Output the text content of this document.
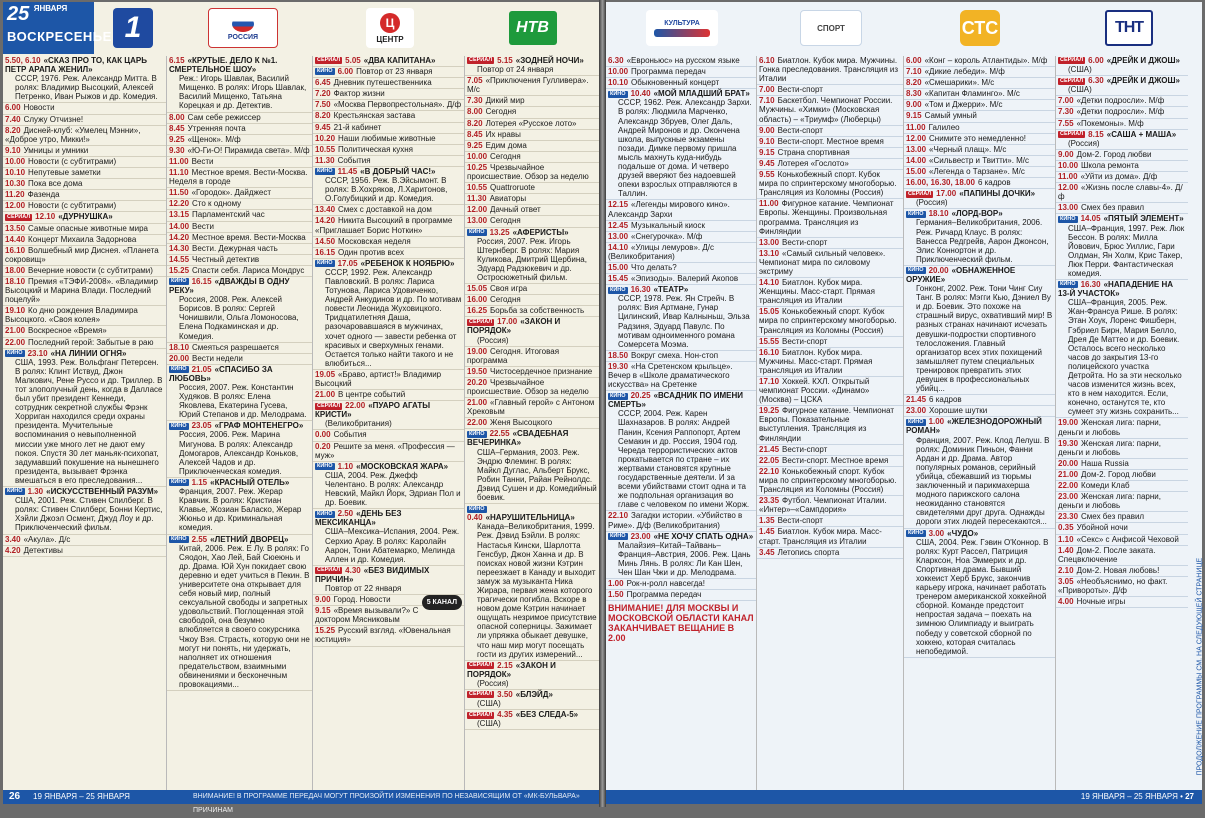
25 $^{ЯНВАРЯ}$
ВОСКРЕСЕНЬЕ 1	РОССИЯ
Ц
ЦЕНТР
НТВ
5.50, 6.10 «СКАЗ ПРО ТО, КАК ЦАРЬ ПЕТР АРАПА ЖЕНИЛ»
СССР, 1976. Реж. Александр Митта. В ролях: Владимир Высоцкий, Алексей Петренко, Иван Рыжов и др. Комедия.
6.00 Новости
7.40 Служу Отчизне!
8.20 Дисней-клуб: «Умелец Мэнни», «Доброе утро, Микки!»
9.10 Умницы и умники
10.00 Новости (с субтитрами)
10.10 Непутевые заметки
10.30 Пока все дома
11.20 Фазенда
12.00 Новости (с субтитрами)
СЕРИАЛ 12.10 «ДУРНУШКА»
13.50 Самые опасные животные мира
14.40 Концерт Михаила Задорнова
16.10 Волшебный мир Диснея. «Планета сокровищ»
18.00 Вечерние новости (с субтитрами)
18.10 Премия «ТЭФИ-2008». «Владимир Высоцкий и Марина Влади. Последний поцелуй»
19.10 Ко дню рождения Владимира Высоцкого. «Своя колея»
21.00 Воскресное «Время»
22.00 Последний герой: Забытые в раю
КИНО 23.10 «НА ЛИНИИ ОГНЯ»
США, 1993. Реж. Вольфганг Петерсен. В ролях: Клинт Иствуд, Джон Малкович, Рене Руссо и др. Триллер. В тот злополучный день, когда в Далласе был убит президент Кеннеди, сотрудник секретной службы Фрэнк Хорриган находился среди охраны президента. Мучительные воспоминания о невыполненной миссии уже много лет не дают ему покоя. Спустя 30 лет маньяк-психопат, задумавший покушение на нынешнего президента, вызывает Фрэнка вмешаться в его преследования...
КИНО 1.30 «ИСКУССТВЕННЫЙ РАЗУМ»
США, 2001. Реж. Стивен Спилберг. В ролях: Стивен Спилберг, Бонни Кертис, Хэйли Джоэл Осмент, Джуд Лоу и др. Приключенческий фильм.
3.40 «Акула». Д/с
4.20 Детективы
6.15 «КРУТЫЕ. ДЕЛО К №1. СМЕРТЕЛЬНОЕ ШОУ»
Реж.: Игорь Шавлак, Василий Мищенко. В ролях: Игорь Шавлак, Василий Мищенко, Татьяна Корецкая и др. Детектив.
8.00 Сам себе режиссер
8.45 Утренняя почта
9.25 «Щенок». М/ф
9.30 «Ю-Ги-О! Пирамида света». М/ф
11.00 Вести
11.10 Местное время. Вести-Москва. Неделя в городе
11.50 «Городок». Дайджест
12.20 Сто к одному
13.15 Парламентский час
14.00 Вести
14.20 Местное время. Вести-Москва
14.30 Вести. Дежурная часть
14.55 Честный детектив
15.25 Спасти себя. Лариса Мондрус
КИНО 16.15 «ДВАЖДЫ В ОДНУ РЕКУ»
Россия, 2008. Реж. Алексей Борисов. В ролях: Сергей Чонишвили, Ольга Ломоносова, Елена Подкаминская и др. Комедия.
18.10 Смеяться разрешается
20.00 Вести недели
КИНО 21.05 «СПАСИБО ЗА ЛЮБОВЬ»
Россия, 2007. Реж. Константин Худяков. В ролях: Елена Яковлева, Екатерина Гусева, Юрий Степанов и др. Мелодрама.
КИНО 23.05 «ГРАФ МОНТЕНЕГРО»
Россия, 2006. Реж. Марина Мигунова. В ролях: Александр Домогаров, Александр Коньков, Алексей Чадов и др. Приключенческая комедия.
КИНО 1.15 «КРАСНЫЙ ОТЕЛЬ»
Франция, 2007. Реж. Жерар Кравчик. В ролях: Кристиан Клавье, Жозиан Баласко, Жерар Жюньо и др. Криминальная комедия.
КИНО 2.55 «ЛЕТНИЙ ДВОРЕЦ»
Китай, 2006. Реж. Е Лу. В ролях: Го Сяодон, Хао Лей, Бай Сюеюнь и др. Драма. Юй Хун покидает свою деревню и едет учиться в Пекин. В университете она открывает для себя новый мир, полный сексуальной свободы и запретных удовольствий. Поглощенная этой свободой, она безумно влюбляется в своего сокурсника Чжоу Вэя. Страсть, которую они не могут ни понять, ни удержать, наполняет их отношения предательством, взаимными обвинениями и бесконечным провокациями...
СЕРИАЛ 5.05 «ДВА КАПИТАНА»
КИНО 6.00 Повтор от 23 января
6.45 Дневник путешественника
7.20 Фактор жизни
7.50 «Москва Первопрестольная». Д/ф
8.20 Крестьянская застава
9.45 21-й кабинет
10.20 Наши любимые животные
10.55 Политическая кухня
11.30 События
КИНО 11.45 «В ДОБРЫЙ ЧАС!»
СССР, 1956. Реж. В.Эйсымонт. В ролях: В.Хохряков, Л.Харитонов, О.Голубицкий и др. Комедия.
13.40 Смех с доставкой на дом
14.20 Никита Высоцкий в программе «Приглашает Борис Ноткин»
14.50 Московская неделя
16.15 Один против всех
КИНО 17.05 «РЕБЕНОК К НОЯБРЮ»
СССР, 1992. Реж. Александр Павловский. В ролях: Лариса Тотунова, Лариса Удовиченко, Андрей Анкудинов и др. По мотивам повести Леонида Жуховицкого. Тридцатилетняя Даша, разочаровавшаяся в мужчинах, хочет одного — завести ребенка от красивых и сверхумных генами. Остается только найти такого и не влюбиться...
19.05 «Браво, артист!» Владимир Высоцкий
21.00 В центре событий
СЕРИАЛ 22.00 «ПУАРО АГАТЫ КРИСТИ»
(Великобритания)
0.00 События
0.20 Решите за меня. «Профессия — муж»
КИНО 1.10 «МОСКОВСКАЯ ЖАРА»
США, 2004. Реж. Джефф Челентано. В ролях: Александр Невский, Майкл Йорк, Эдриан Пол и др. Боевик.
КИНО 2.50 «ДЕНЬ БЕЗ МЕКСИКАНЦА»
США–Мексика–Испания, 2004. Реж. Серхио Арау. В ролях: Каролайн Аарон, Тони Абатемарко, Мелинда Аллен и др. Комедия.
СЕРИАЛ 4.30 «БЕЗ ВИДИМЫХ ПРИЧИН»
Повтор от 22 января
5 КАНАЛ
9.00 Город. Новости
9.15 «Время вызывали?» С доктором Мясниковым
15.25 Русский взгляд. «Ювенальная юстиция»
СЕРИАЛ 5.15 «ЗОДНЕЙ НОЧИ»
Повтор от 24 января
7.05 «Приключения Гулливера». М/с
7.30 Дикий мир
8.00 Сегодня
8.20 Лотерея «Русское лото»
8.45 Их нравы
9.25 Едим дома
10.00 Сегодня
10.25 Чрезвычайное происшествие. Обзор за неделю
10.55 Quattroruote
11.30 Авиаторы
12.00 Дачный ответ
13.00 Сегодня
КИНО 13.25 «АФЕРИСТЫ»
Россия, 2007. Реж. Игорь Штернберг. В ролях: Мария Куликова, Дмитрий Щербина, Эдуард Радзюкевич и др. Остросюжетный фильм.
15.05 Своя игра
16.00 Сегодня
16.25 Борьба за собственность
СЕРИАЛ 17.00 «ЗАКОН И ПОРЯДОК»
(Россия)
19.00 Сегодня. Итоговая программа
19.50 Чистосердечное признание
20.20 Чрезвычайное происшествие. Обзор за неделю
21.00 «Главный герой» с Антоном Хрековым
22.00 Женя Высоцкого
КИНО 22.55 «СВАДЕБНАЯ ВЕЧЕРИНКА»
США–Германия, 2003. Реж. Эндрю Флеминг. В ролях: Майкл Дуглас, Альберт Брукс, Робин Танни, Райан Рейнолдс. Дэвид Сушен и др. Комедийный боевик.
КИНО0.40 «НАРУШИТЕЛЬНИЦА»
Канада–Великобритания, 1999. Реж. Дэвид Бэйли. В ролях: Настасья Кински, Шарлотта Генсбур, Джон Ханна и др. В поисках новой жизни Кэтрин переезжает в Канаду и выходит замуж за музыканта Ника Жирара, первая жена которого трагически погибла. Вскоре в новом доме Кэтрин начинает ощущать незримое присутствие опасной соперницы. Зажимает ли упряжка обыкает девушке, что наш мир могут посещать гости из других измерений...
СЕРИАЛ 2.15 «ЗАКОН И ПОРЯДОК»
(Россия)
СЕРИАЛ 3.50 «БЛЭЙД»
(США)
СЕРИАЛ 4.35 «БЕЗ СЛЕДА-5»
(США)
26 19 ЯНВАРЯ – 25 ЯНВАРЯ	ВНИМАНИЕ! В ПРОГРАММЕ ПЕРЕДАЧ МОГУТ ПРОИЗОЙТИ ИЗМЕНЕНИЯ ПО НЕЗАВИСЯЩИМ ОТ «МК-БУЛЬВАРА» ПРИЧИНАМ
КУЛЬТУРА
СПОРТ	СТС	ТНТ
6.30 «Евроньюс» на русском языке
10.00 Программа передач
10.10 Обыкновенный концерт
КИНО 10.40 «МОЙ МЛАДШИЙ БРАТ»
СССР, 1962. Реж. Александр Зархи. В ролях: Людмила Марченко, Александр Збруев, Олег Даль, Андрей Миронов и др. Окончена школа, выпускные экзамены позади. Димке первому пришла мысль махнуть куда-нибудь подальше от дома. И четверо друзей вверяют без надоевшей опеки взрослых отправляются в Таллин.
12.15 «Легенды мирового кино». Александр Зархи
12.45 Музыкальный киоск
13.00 «Снегурочка». М/ф
14.10 «Улицы лемуров». Д/с (Великобритания)
15.00 Что делать?
15.45 «Эпизоды». Валерий Акопов
КИНО 16.30 «ТЕАТР»
СССР, 1978. Реж. Ян Стрейч. В ролях: Вия Артмане, Гунар Цилинский, Ивар Калныньш, Эльза Радзиня, Эдуард Павулс. По мотивам одноименного романа Сомерсета Моэма.
18.50 Вокруг смеха. Нон-стоп
19.30 «На Сретенском крыльце». Вечер в «Школе драматического искусства» на Сретенке
КИНО 20.25 «ВСАДНИК ПО ИМЕНИ СМЕРТЬ»
СССР, 2004. Реж. Карен Шахназаров. В ролях: Андрей Панин, Ксения Раппопорт, Артем Семакин и др. Россия, 1904 год. Череда террористических актов прокатывается по стране – их жертвами становятся крупные государственные деятели. И за всеми убийствами стоит одна и та же подпольная организация во главе с человеком по имени Жорж.
22.10 Загадки истории. «Убийство в Риме». Д/ф (Великобритания)
КИНО 23.00 «НЕ ХОЧУ СПАТЬ ОДНА»
Малайзия–Китай–Тайвань–Франция–Австрия, 2006. Реж. Цань Минь Лянь. В ролях: Ли Кан Шен, Чен Шан Чжи и др. Мелодрама.
1.00 Рок-н-ролл навсегда!
1.50 Программа передач
ВНИМАНИЕ! ДЛЯ МОСКВЫ И МОСКОВСКОЙ ОБЛАСТИ КАНАЛ ЗАКАНЧИВАЕТ ВЕЩАНИЕ В 2.00
6.10 Биатлон. Кубок мира. Мужчины. Гонка преследования. Трансляция из Италии
7.00 Вести-спорт
7.10 Баскетбол. Чемпионат России. Мужчины. «Химки» (Московская область) – «Триумф» (Люберцы)
9.00 Вести-спорт
9.10 Вести-спорт. Местное время
9.15 Страна спортивная
9.45 Лотерея «Гослото»
9.55 Конькобежный спорт. Кубок мира по спринтерскому многоборью. Трансляция из Коломны (Россия)
11.00 Фигурное катание. Чемпионат Европы. Женщины. Произвольная программа. Трансляция из Финляндии
13.00 Вести-спорт
13.10 «Самый сильный человек». Чемпионат мира по силовому экстриму
14.10 Биатлон. Кубок мира. Женщины. Масс-старт. Прямая трансляция из Италии
15.05 Конькобежный спорт. Кубок мира по спринтерскому многоборью. Трансляция из Коломны (Россия)
15.55 Вести-спорт
16.10 Биатлон. Кубок мира. Мужчины. Масс-старт. Прямая трансляция из Италии
17.10 Хоккей. КХЛ. Открытый чемпионат России. «Динамо» (Москва) – ЦСКА
19.25 Фигурное катание. Чемпионат Европы. Показательные выступления. Трансляция из Финляндии
21.45 Вести-спорт
22.05 Вести-спорт. Местное время
22.10 Конькобежный спорт. Кубок мира по спринтерскому многоборью. Трансляция из Коломны (Россия)
23.35 Футбол. Чемпионат Италии. «Интер»–«Сампдория»
1.35 Вести-спорт
1.45 Биатлон. Кубок мира. Масс-старт. Трансляция из Италии
3.45 Летопись спорта
6.00 «Конг – король Атлантиды». М/ф
7.10 «Дикие лебеди». М/ф
8.20 «Смешарики». М/с
8.30 «Капитан Фламинго». М/с
9.00 «Том и Джерри». М/с
9.15 Самый умный
11.00 Галилео
12.00 Снимите это немедленно!
13.00 «Черный плащ». М/с
14.00 «Сильвестр и Твитти». М/с
15.00 «Легенда о Тарзане». М/с
16.00, 16.30, 18.00 6 кадров
СЕРИАЛ 17.00 «ПАПИНЫ ДОЧКИ»
(Россия)
КИНО 18.10 «ЛОРД-ВОР»
Германия–Великобритания, 2006. Реж. Ричард Клаус. В ролях: Ванесса Редгрейв, Аарон Джонсон, Элис Коннортон и др. Приключенческий фильм.
КИНО 20.00 «ОБНАЖЕННОЕ ОРУЖИЕ»
Гонконг, 2002. Реж. Тони Чинг Сиу Танг. В ролях: Мэгги Кью, Дэниел Ву и др. Боевик. Это похоже на страшный вирус, охвативший мир! В разных странах начинают исчезать девушки-подростки спортивного телосложения. Главный организатор всех этих похищений замышляет путем специальных тренировок превратить этих девушек в профессиональных убийц...
21.45 6 кадров
23.00 Хорошие шутки
КИНО 1.00 «ЖЕЛЕЗНОДОРОЖНЫЙ РОМАН»
Франция, 2007. Реж. Клод Лелуш. В ролях: Доминик Пиньон, Фанни Ардан и др. Драма. Автор популярных романов, серийный убийца, сбежавший из тюрьмы заключенный и парикмахерша модного парижского салона неожиданно становятся свидетелями друг друга. Однажды дороги этих людей пересекаются...
КИНО 3.00 «ЧУДО»
США, 2004. Реж. Гэвин О'Коннор. В ролях: Курт Рассел, Патриция Кларксон, Ноа Эммерих и др. Спортивная драма. Бывший хоккеист Херб Брукс, закончив карьеру игрока, начинает работать тренером американской хоккейной сборной. Команде предстоит непростая задача – поехать на зимнюю Олимпиаду и выиграть победу у советской сборной по хоккею, которая считалась непобедимой.
СЕРИАЛ 6.00 «ДРЕЙК И ДЖОШ»
(США)
СЕРИАЛ 6.30 «ДРЕЙК И ДЖОШ»
(США)
7.00 «Детки подросли». М/ф
7.30 «Детки подросли». М/ф
7.55 «Покемоны». М/ф
СЕРИАЛ 8.15 «САША + МАША»
(Россия)
9.00 Дом-2. Город любви
10.00 Школа ремонта
11.00 «Уйти из дома». Д/ф
12.00 «Жизнь после славы-4». Д/ф
13.00 Смех без правил
КИНО 14.05 «ПЯТЫЙ ЭЛЕМЕНТ»
США–Франция, 1997. Реж. Люк Бессон. В ролях: Милла Йовович, Брюс Уиллис, Гари Олдман, Ян Холм, Крис Такер, Люк Перри. Фантастическая комедия.
КИНО 16.30 «НАПАДЕНИЕ НА 13-Й УЧАСТОК»
США–Франция, 2005. Реж. Жан-Франсуа Рише. В ролях: Этан Хоук, Лоренс Фишберн, Гэбриел Бирн, Мария Белло, Дрея Де Маттео и др. Боевик. Осталось всего несколько часов до закрытия 13-го полицейского участка Детройта. Но за эти несколько часов изменится жизнь всех, кто в нем находится. Если, конечно, останутся те, кто сумеет эту жизнь сохранить...
19.00 Женская лига: парни, деньги и любовь
19.30 Женская лига: парни, деньги и любовь
20.00 Наша Russia
21.00 Дом-2. Город любви
22.00 Комеди Клаб
23.00 Женская лига: парни, деньги и любовь
23.30 Смех без правил
0.35 Убойной ночи
1.10 «Секс» с Анфисой Чеховой
1.40 Дом-2. После заката. Спецвключение
2.10 Дом-2. Новая любовь!
3.05 «Необъяснимо, но факт. «Привороты». Д/ф
4.00 Ночные игры	ПРОДОЛЖЕНИЕ ПРОГРАММЫ СМ. НА СЛЕДУЮЩЕЙ СТРАНИЦЕ
19 ЯНВАРЯ – 25 ЯНВАРЯ • 27
